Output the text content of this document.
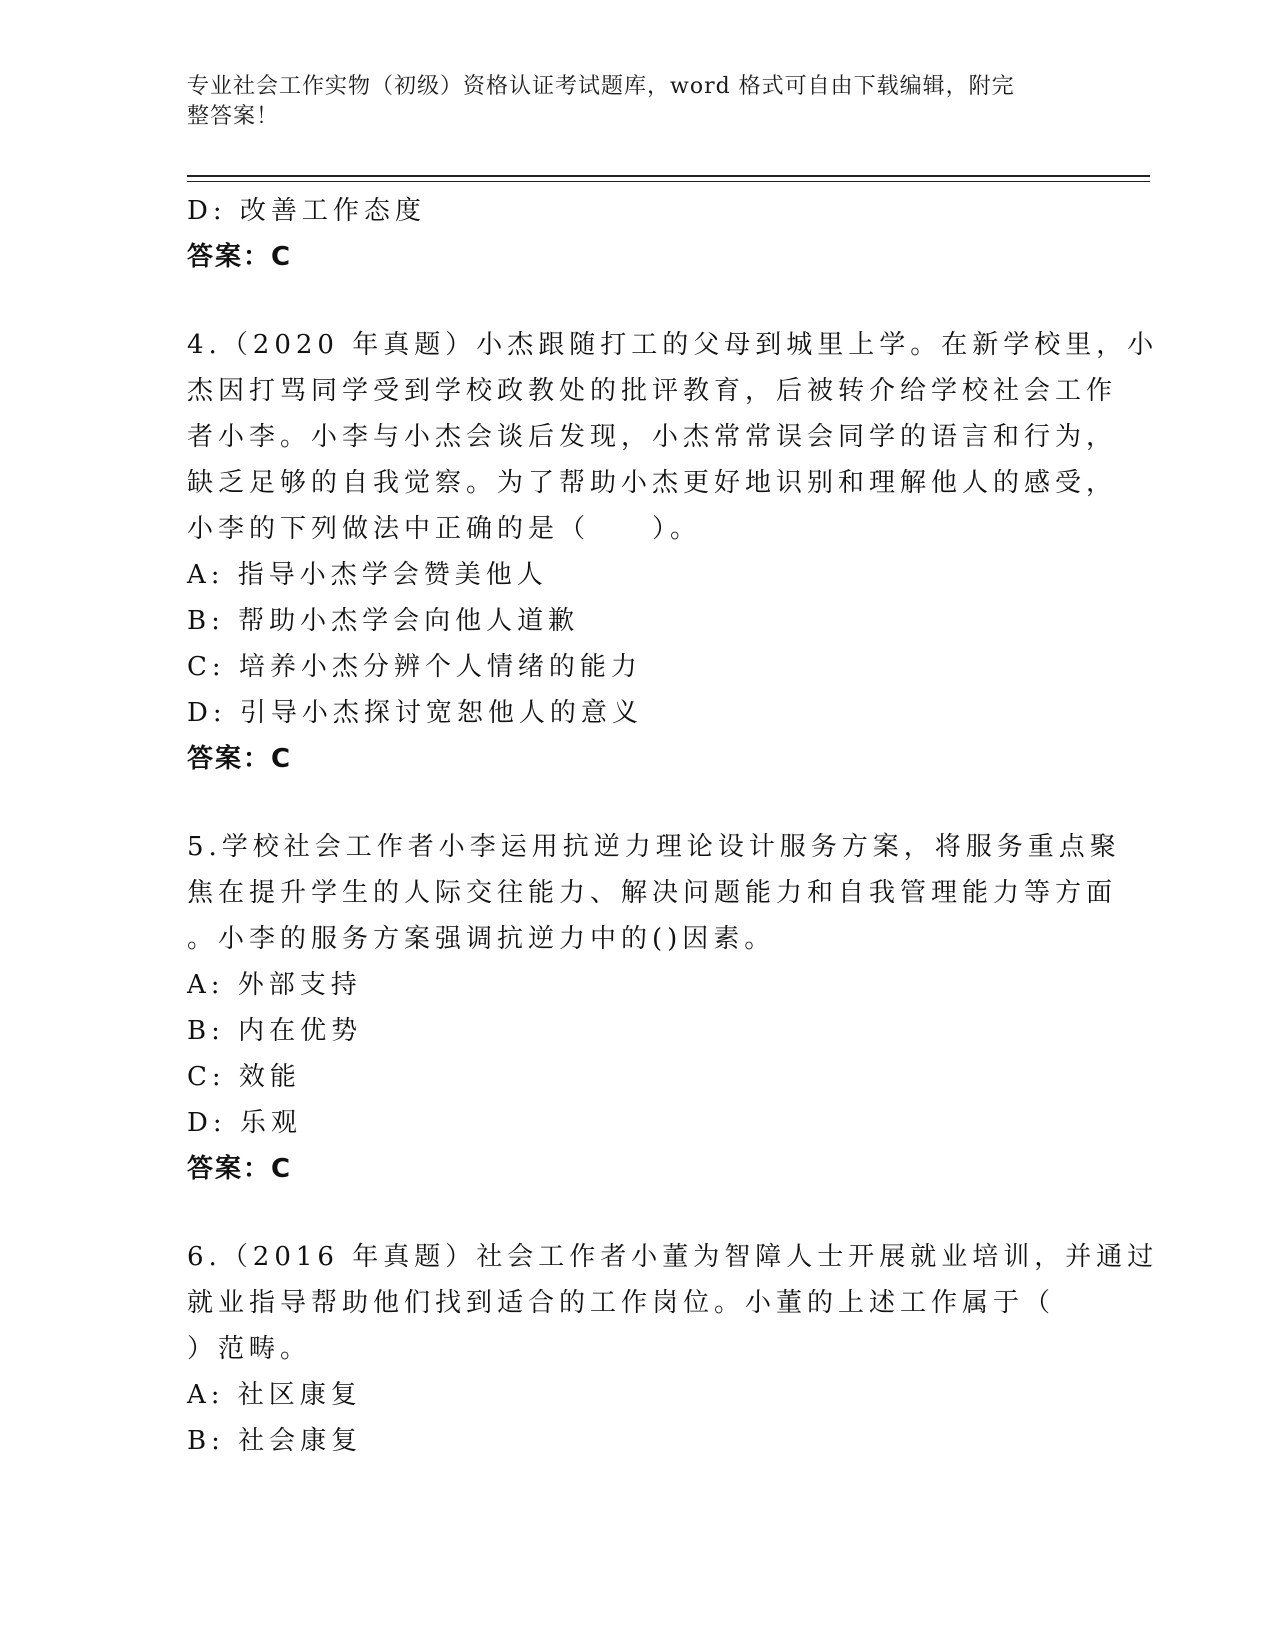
专业社会工作实物（初级）资格认证考试题库，word 格式可自由下载编辑，附完
整答案！
D: 改善工作态度
答案：C
4.（2020 年真题）小杰跟随打工的父母到城里上学。在新学校里，小
杰因打骂同学受到学校政教处的批评教育，后被转介给学校社会工作
者小李。小李与小杰会谈后发现，小杰常常误会同学的语言和行为，
缺乏足够的自我觉察。为了帮助小杰更好地识别和理解他人的感受，
小李的下列做法中正确的是（　　）。
A: 指导小杰学会赞美他人
B: 帮助小杰学会向他人道歉
C: 培养小杰分辨个人情绪的能力
D: 引导小杰探讨宽恕他人的意义
答案：C
5.学校社会工作者小李运用抗逆力理论设计服务方案，将服务重点聚
焦在提升学生的人际交往能力、解决问题能力和自我管理能力等方面
。小李的服务方案强调抗逆力中的()因素。
A: 外部支持
B: 内在优势
C: 效能
D: 乐观
答案：C
6.（2016 年真题）社会工作者小董为智障人士开展就业培训，并通过
就业指导帮助他们找到适合的工作岗位。小董的上述工作属于（
）范畴。
A: 社区康复
B: 社会康复
